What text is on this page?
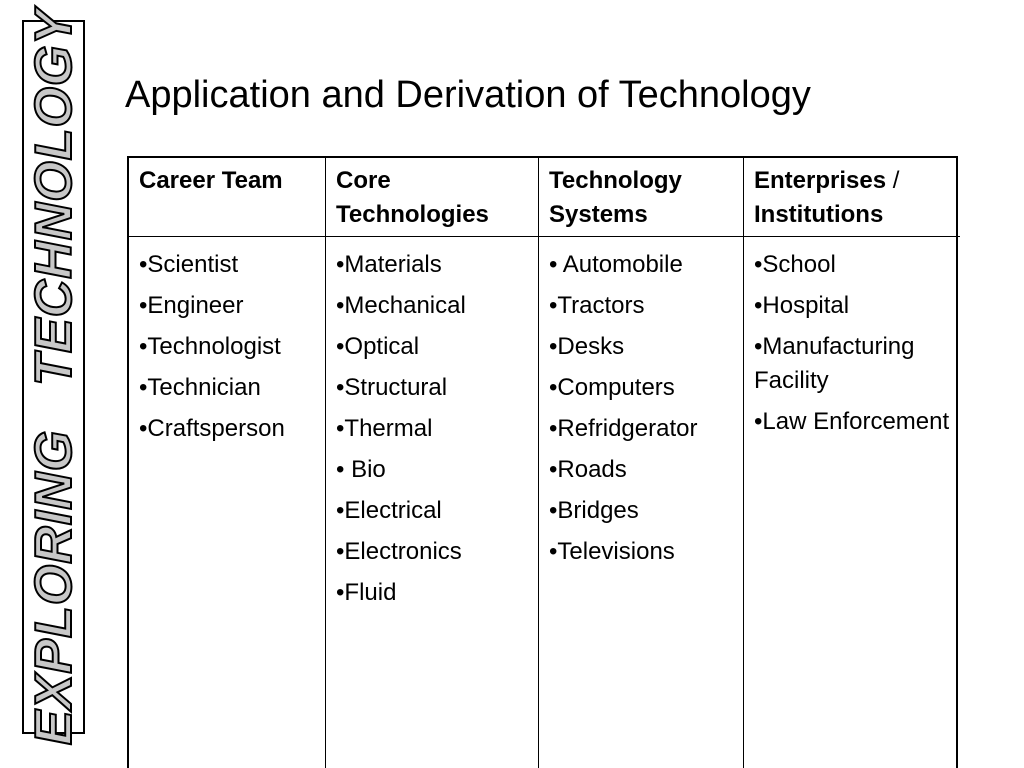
EXPLORING
TECHNOLOGY Application and Derivation of Technology
Career Team	Core Technologies
Technology Systems
Enterprises /
Institutions
•Scientist
•Engineer
•Technologist
•Technician
•Craftsperson
•Materials
•Mechanical
•Optical
•Structural
•Thermal
• Bio
•Electrical
•Electronics
•Fluid
• Automobile
•Tractors
•Desks
•Computers
•Refridgerator
•Roads
•Bridges
•Televisions
•School
•Hospital
•Manufacturing Facility
•Law Enforcement
